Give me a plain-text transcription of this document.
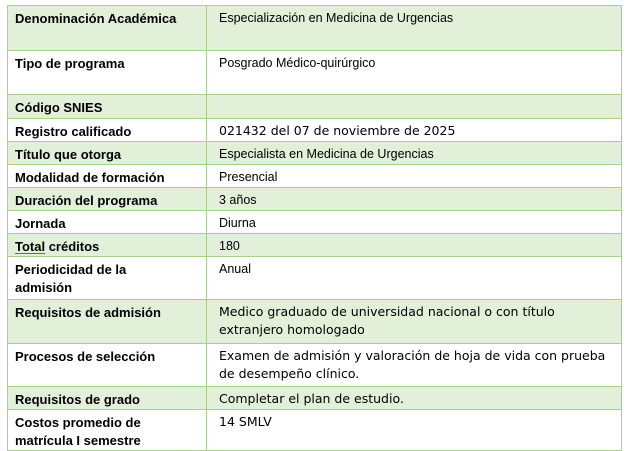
Denominación Académica	Especialización en Medicina de Urgencias
Tipo de programa	Posgrado Médico-quirúrgico
Código SNIES	
Registro calificado	021432 del 07 de noviembre de 2025
Título que otorga	Especialista en Medicina de Urgencias
Modalidad de formación	Presencial
Duración del programa	3 años
Jornada	Diurna
Total créditos	180

Periodicidad de la
admisión	Anual
Requisitos de admisión	Medico graduado de universidad nacional o con título
extranjero homologado

Procesos de selección	Examen de admisión y valoración de hoja de vida con prueba
de desempeño clínico.

Requisitos de grado	Completar el plan de estudio.

Costos promedio de
matrícula I semestre	14 SMLV
